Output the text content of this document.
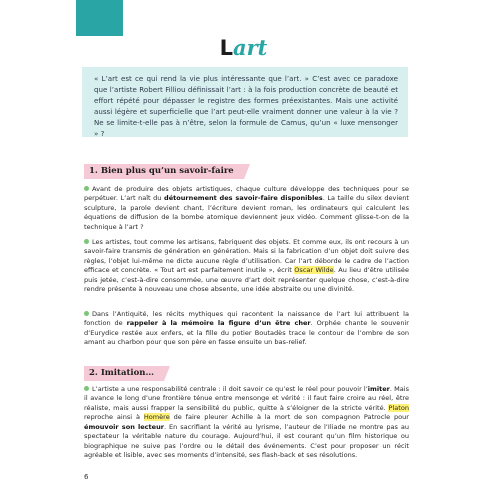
Lart
« L’art est ce qui rend la vie plus intéressante que l’art. » C’est avec ce paradoxe que l’artiste Robert Filliou définissait l’art : à la fois production concrète de beauté et effort répété pour dépasser le registre des formes préexistantes. Mais une activité aussi légère et superficielle que l’art peut-elle vraiment donner une valeur à la vie ? Ne se limite-t-elle pas à n’être, selon la formule de Camus, qu’un « luxe mensonger » ?
1. Bien plus qu’un savoir-faire
Avant de produire des objets artistiques, chaque culture développe des techniques pour se perpétuer. L’art naît du détournement des savoir-faire disponibles. La taille du silex devient sculpture, la parole devient chant, l’écriture devient roman, les ordinateurs qui calculent les équations de diffusion de la bombe atomique deviennent jeux vidéo. Comment glisse-t-on de la technique à l’art ?
Les artistes, tout comme les artisans, fabriquent des objets. Et comme eux, ils ont recours à un savoir-faire transmis de génération en génération. Mais si la fabrication d’un objet doit suivre des règles, l’objet lui-même ne dicte aucune règle d’utilisation. Car l’art déborde le cadre de l’action efficace et concrète. « Tout art est parfaitement inutile », écrit Oscar Wilde. Au lieu d’être utilisée puis jetée, c’est-à-dire consommée, une œuvre d’art doit représenter quelque chose, c’est-à-dire rendre présente à nouveau une chose absente, une idée abstraite ou une divinité.
Dans l’Antiquité, les récits mythiques qui racontent la naissance de l’art lui attribuent la fonction de rappeler à la mémoire la figure d’un être cher. Orphée chante le souvenir d’Eurydice restée aux enfers, et la fille du potier Boutadès trace le contour de l’ombre de son amant au charbon pour que son père en fasse ensuite un bas-relief.
2. Imitation…
L’artiste a une responsabilité centrale : il doit savoir ce qu’est le réel pour pouvoir l’imiter. Mais il avance le long d’une frontière ténue entre mensonge et vérité : il faut faire croire au réel, être réaliste, mais aussi frapper la sensibilité du public, quitte à s’éloigner de la stricte vérité. Platon reproche ainsi à Homère de faire pleurer Achille à la mort de son compagnon Patrocle pour émouvoir son lecteur. En sacrifiant la vérité au lyrisme, l’auteur de l’Iliade ne montre pas au spectateur la véritable nature du courage. Aujourd’hui, il est courant qu’un film historique ou biographique ne suive pas l’ordre ou le détail des événements. C’est pour proposer un récit agréable et lisible, avec ses moments d’intensité, ses flash-back et ses résolutions.
6
